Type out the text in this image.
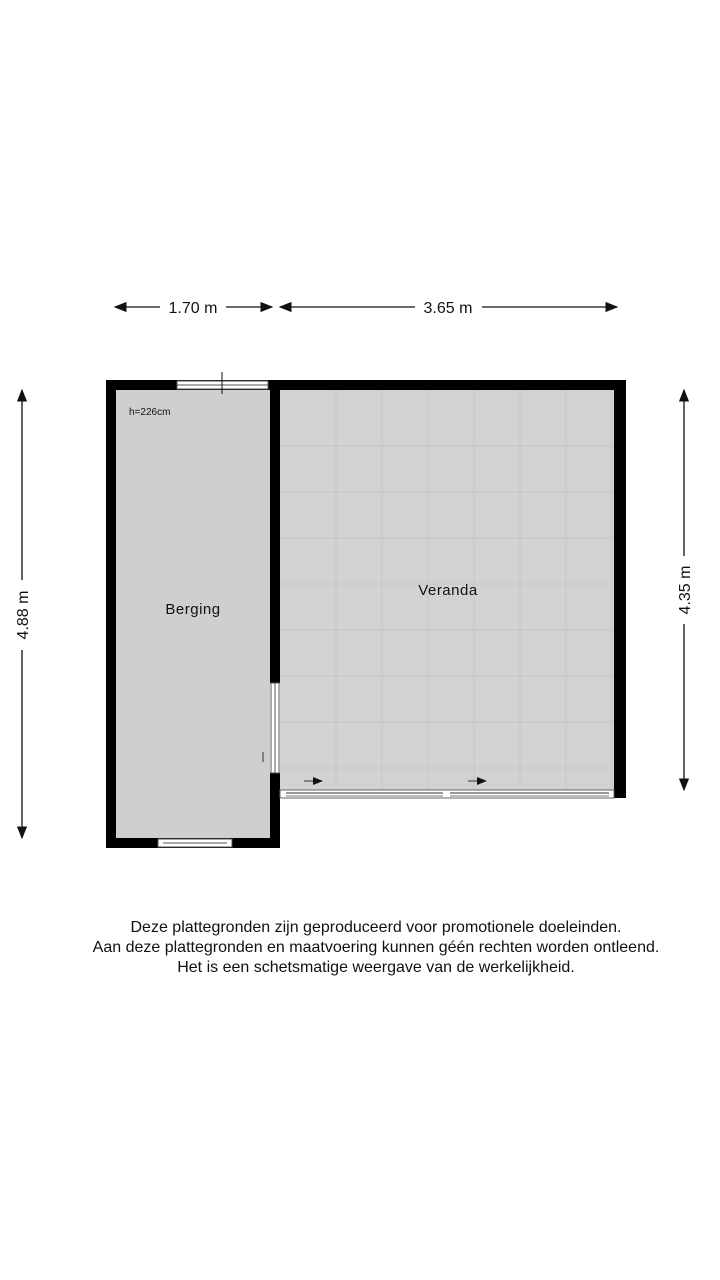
1.70 m	3.65 m
4.88 m
4.35 m
h=226cm
Berging
Veranda
Deze plattegronden zijn geproduceerd voor promotionele doeleinden.
Aan deze plattegronden en maatvoering kunnen géén rechten worden ontleend.
Het is een schetsmatige weergave van de werkelijkheid.
